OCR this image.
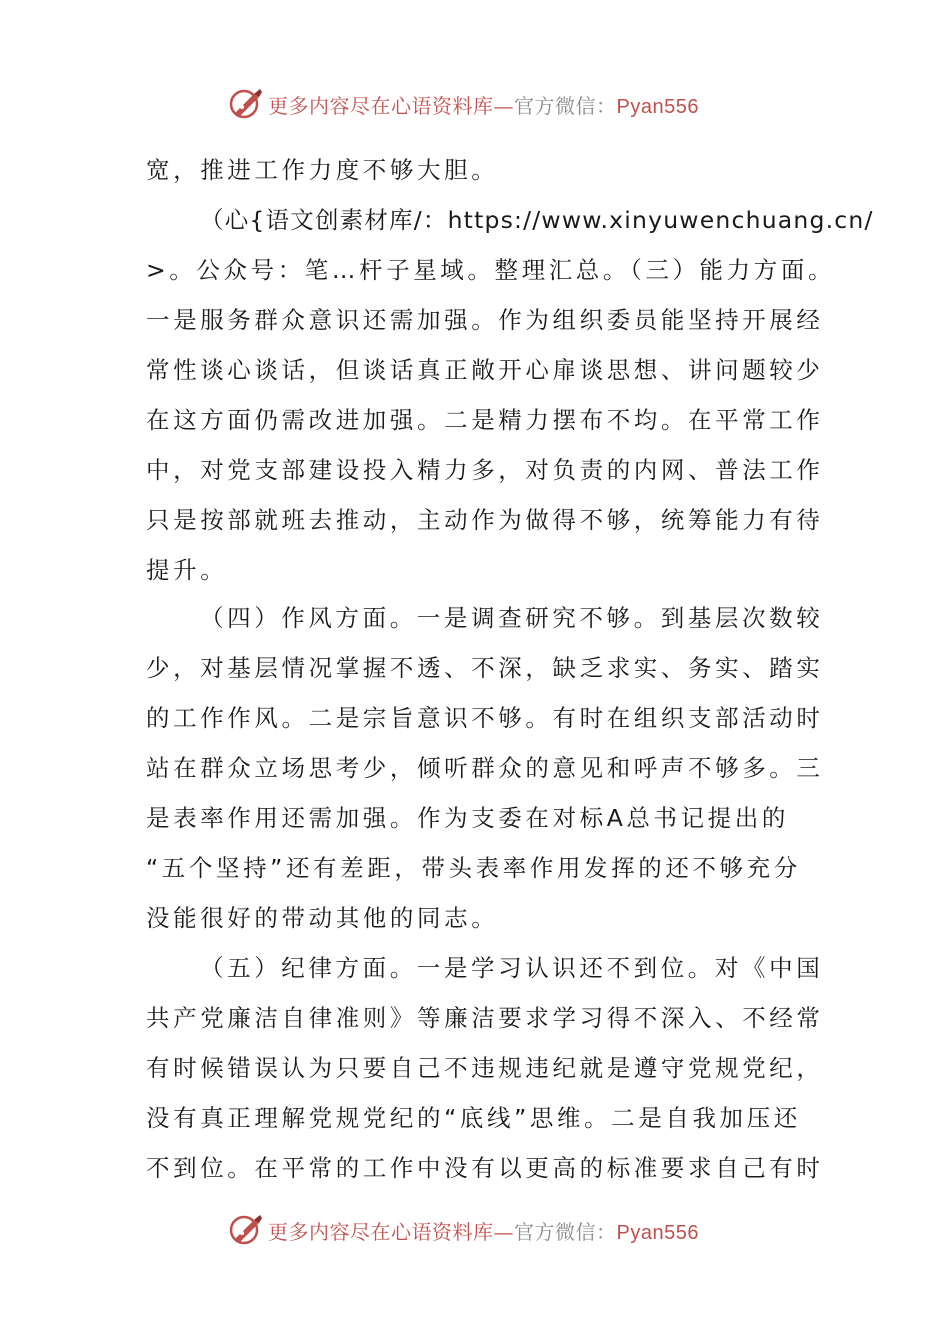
更多内容尽在心语资料库—官方微信：Pyan556
宽，推进工作力度不够大胆。
（心{语文创素材库/：https://www.xinyuwenchuang.cn/
>。公众号：笔…杆子星域。整理汇总。（三）能力方面。
一是服务群众意识还需加强。作为组织委员能坚持开展经
常性谈心谈话，但谈话真正敞开心扉谈思想、讲问题较少
在这方面仍需改进加强。二是精力摆布不均。在平常工作
中，对党支部建设投入精力多，对负责的内网、普法工作
只是按部就班去推动，主动作为做得不够，统筹能力有待
提升。
（四）作风方面。一是调查研究不够。到基层次数较
少，对基层情况掌握不透、不深，缺乏求实、务实、踏实
的工作作风。二是宗旨意识不够。有时在组织支部活动时
站在群众立场思考少，倾听群众的意见和呼声不够多。三
是表率作用还需加强。作为支委在对标A总书记提出的
“五个坚持”还有差距，带头表率作用发挥的还不够充分
没能很好的带动其他的同志。
（五）纪律方面。一是学习认识还不到位。对《中国
共产党廉洁自律准则》等廉洁要求学习得不深入、不经常
有时候错误认为只要自己不违规违纪就是遵守党规党纪，
没有真正理解党规党纪的“底线”思维。二是自我加压还
不到位。在平常的工作中没有以更高的标准要求自己有时
更多内容尽在心语资料库—官方微信：Pyan556
